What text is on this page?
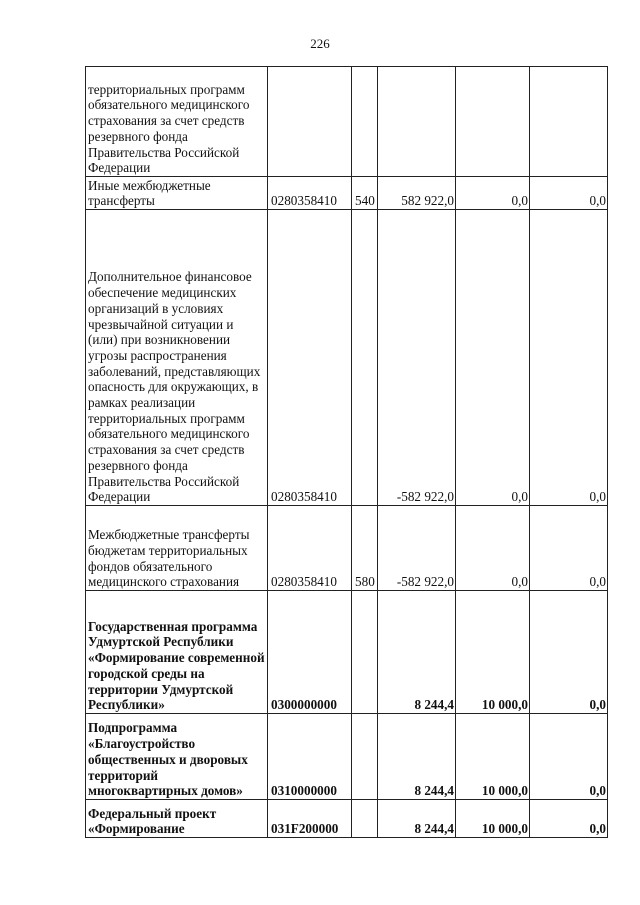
226
территориальных программ обязательного медицинского страхования за счет средств резервного фонда Правительства Российской Федерации					
Иные межбюджетные трансферты	0280358410	540	582 922,0	0,0	0,0
Дополнительное финансовое обеспечение медицинских организаций в условиях чрезвычайной ситуации и (или) при возникновении угрозы распространения заболеваний, представляющих опасность для окружающих, в рамках реализации территориальных программ обязательного медицинского страхования за счет средств резервного фонда Правительства Российской Федерации	0280358410		-582 922,0	0,0	0,0
Межбюджетные трансферты бюджетам территориальных фондов обязательного медицинского страхования	0280358410	580	-582 922,0	0,0	0,0
Государственная программа Удмуртской Республики «Формирование современной городской среды на территории Удмуртской Республики»	0300000000		8 244,4	10 000,0	0,0
Подпрограмма «Благоустройство общественных и дворовых территорий многоквартирных домов»	0310000000		8 244,4	10 000,0	0,0
Федеральный проект «Формирование	031F200000		8 244,4	10 000,0	0,0
